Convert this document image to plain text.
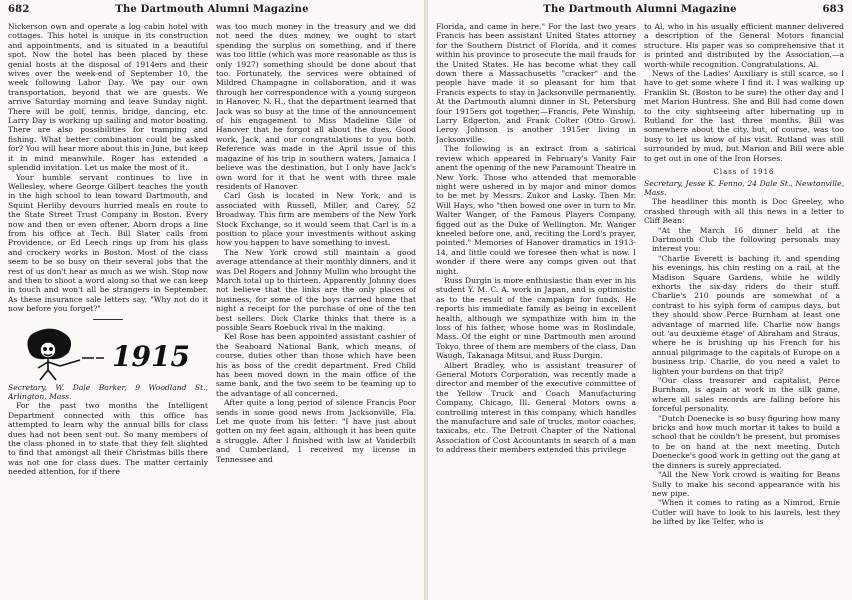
682	The Dartmouth Alumni Magazine

Nickerson own and operate a log cabin hotel with cottages. This hotel is unique in its construction and appointments, and is situated in a beautiful spot. Now the hotel has been placed by these genial hosts at the disposal of 1914ers and their wives over the week-end of September 10, the week following Labor Day. We pay our own transportation, beyond that we are guests. We arrive Saturday morning and leave Sunday night. There will be golf, tennis, bridge, dancing, etc. Larry Day is working up sailing and motor boating. There are also possibilities for tramping and fishing. What better combination could be asked for? You will hear more about this in June, but keep it in mind meanwhile. Roger has extended a splendid invitation. Let us make the most of it.

Your humble servant continues to live in Wellesley, where George Gilbert teaches the youth in the high school to lean toward Dartmouth, and Squint Herlihy devours hurried meals en route to the State Street Trust Company in Boston. Every now and then or even oftener, Aborn drops a line from his office at Tech. Bill Slater calls from Providence, or Ed Leech rings up from his glass and crockery works in Boston. Most of the class seem to be so busy on their several jobs that the rest of us don't hear as much as we wish. Stop now and then to shoot a word along so that we can keep in touch and won't all be strangers in September. As these insurance sale letters say, "Why not do it now before you forget?"

1915

Secretary, W. Dale Barker, 9 Woodland St., Arlington, Mass.

For the past two months the Intelligent Department connected with this office has attempted to learn why the annual bills for class dues had not been sent out. So many members of the class phoned in to state that they felt slighted to find that amongst all their Christmas bills there was not one for class dues. The matter certainly needed attention, for if there

was too much money in the treasury and we did not need the dues money, we ought to start spending the surplus on something, and if there was too little (which was more reasonable as this is only 1927) something should be done about that too. Fortunately, the services were obtained of Mildred Champagne in collaboration, and it was through her correspondence with a young surgeon in Hanover, N. H., that the department learned that Jack was so busy at the time of the announcement of his engagement to Miss Madeline Gile of Hanover that he forgot all about the dues. Good work, Jack, and our congratulations to you both. Reference was made in the April issue of this magazine of his trip in southern waters, Jamaica I believe was the destination, but I only have Jack's own word for it that he went with three male residents of Hanover.

Carl Gish is located in New York, and is associated with Russell, Miller, and Carey, 52 Broadway. This firm are members of the New York Stock Exchange, so it would seem that Carl is in a position to place your investments without asking how you happen to have something to invest.

The New York crowd still maintain a good average attendance at their monthly dinners, and it was Del Rogers and Johnny Mullin who brought the March total up to thirteen. Apparently Johnny does not believe that the links are the only places of business, for some of the boys carried home that night a receipt for the purchase of one of the ten best sellers. Dick Clarke thinks that there is a possible Sears Roebuck rival in the making.

Kel Rose has been appointed assistant cashier of the Seaboard National Bank, which means, of course, duties other than those which have been his as boss of the credit department. Fred Child has been moved down in the main office of the same bank, and the two seem to be teaming up to the advantage of all concerned.

After quite a long period of silence Francis Poor sends in some good news from Jacksonville, Fla. Let me quote from his letter: "I have just about gotten on my feet again, although it has been quite a struggle. After I finished with law at Vanderbilt and Cumberland, I received my license in Tennessee and

The Dartmouth Alumni Magazine	683

Florida, and came in here." For the last two years Francis has been assistant United States attorney for the Southern District of Florida, and it comes within his province to prosecute the mail frauds for the United States. He has become what they call down there a Massachusetts "cracker" and the people have made it so pleasant for him that Francis expects to stay in Jacksonville permanently. At the Dartmouth alumni dinner in St. Petersburg four 1915ers got together,—Francis, Pete Winship, Larry Edgerton, and Frank Colter (Otto Grow). Leroy Johnson is another 1915er living in Jacksonville.

The following is an extract from a satirical review which appeared in February's Vanity Fair anent the opening of the new Paramount Theatre in New York. Those who attended that memorable night were ushered in by major and minor domos to be met by Messrs. Zukor and Lasky. Then Mr. Will Hays, who "then bowed one over in turn to Mr. Walter Wanger, of the Famous Players Company, figged out as the Duke of Wellington. Mr. Wanger kneeled before one, and, reciting the Lord's prayer, pointed." Memories of Hanover dramatics in 1913-14, and little could we foresee then what is now. I wonder if there were any comps given out that night.

Russ Durgin is more enthusiastic than ever in his student Y. M. C. A. work in Japan, and is optimistic as to the result of the campaign for funds. He reports his immediate family as being in excellent health, although we sympathize with him in the loss of his father, whose home was in Roslindale, Mass. Of the eight or nine Dartmouth men around Tokyo, three of them are members of the class, Dan Waugh, Takanaga Mitsui, and Russ Durgin.

Albert Bradley, who is assistant treasurer of General Motors Corporation, was recently made a director and member of the executive committee of the Yellow Truck and Coach Manufacturing Company, Chicago, Ill. General Motors owns a controlling interest in this company, which handles the manufacture and sale of trucks, motor coaches, taxicabs, etc. The Detroit Chapter of the National Association of Cost Accountants in search of a man to address their members extended this privilege

to Al, who in his usually efficient manner delivered a description of the General Motors financial structure. His paper was so comprehensive that it is printed and distributed by the Association,—a worth-while recognition. Congratulations, Al.

News of the Ladies' Auxiliary is still scarce, so I have to get some where I find it. I was walking up Franklin St. (Boston to be sure) the other day and I met Marion Huntress. She and Bill had come down to the city sightseeing after hibernating up in Rutland for the last three months. Bill was somewhere about the city, but, of course, was too busy to let us know of his visit. Rutland was still surrounded by mud, but Marion and Bill were able to get out in one of the Iron Horses.

Class of 1916

Secretary, Jesse K. Fenno, 24 Dale St., Newtonville, Mass.

The headliner this month is Doc Greeley, who crashed through with all this news in a letter to Cliff Bean:

"At the March 16 dinner held at the Dartmouth Club the following personals may interest you:

"Charlie Everett is baching it, and spending his evenings, his chin resting on a rail, at the Madison Square Gardens, while he wildly exhorts the six-day riders do their stuff. Charlie's 210 pounds are somewhat of a contrast to his sylph form of campus days, but they should show Perce Burnham at least one advantage of married life. Charlie now hangs out 'au deuxième étage' of Abraham and Straus, where he is brushing up his French for his annual pilgrimage to the capitals of Europe on a business trip. Charlie, do you need a valet to lighten your burdens on that trip?

"Our class treasurer and capitalist, Perce Burnham, is again at work in the silk game, where all sales records are falling before his forceful personality.

"Dutch Doenecke is so busy figuring how many bricks and how much mortar it takes to build a school that he couldn't be present, but promises to be on hand at the next meeting. Dutch Doenecke's good work in getting out the gang at the dinners is surely appreciated.

"All the New York crowd is waiting for Beans Sully to make his second appearance with his new pipe.

"When it comes to rating as a Nimrod, Ernie Cutler will have to look to his laurels, lest they be lifted by Ike Telfer, who is
